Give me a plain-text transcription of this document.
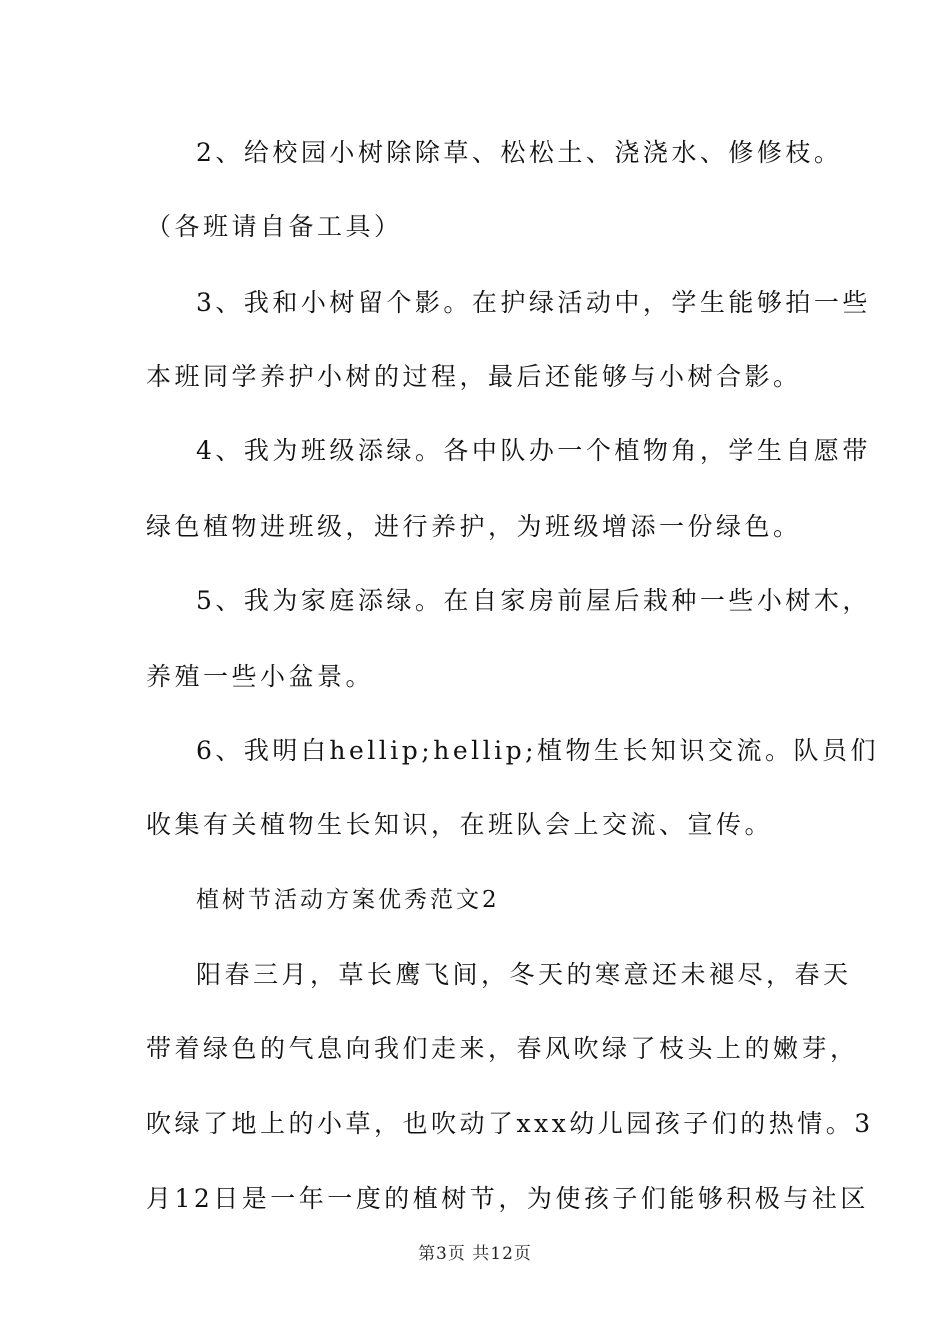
2、给校园小树除除草、松松土、浇浇水、修修枝。
（各班请自备工具）
3、我和小树留个影。在护绿活动中，学生能够拍一些
本班同学养护小树的过程，最后还能够与小树合影。
4、我为班级添绿。各中队办一个植物角，学生自愿带
绿色植物进班级，进行养护，为班级增添一份绿色。
5、我为家庭添绿。在自家房前屋后栽种一些小树木，
养殖一些小盆景。
6、我明白hellip;hellip;植物生长知识交流。队员们
收集有关植物生长知识，在班队会上交流、宣传。
植树节活动方案优秀范文2
阳春三月，草长鹰飞间，冬天的寒意还未褪尽，春天
带着绿色的气息向我们走来，春风吹绿了枝头上的嫩芽，
吹绿了地上的小草，也吹动了xxx幼儿园孩子们的热情。3
月12日是一年一度的植树节，为使孩子们能够积极与社区
第3页 共12页
